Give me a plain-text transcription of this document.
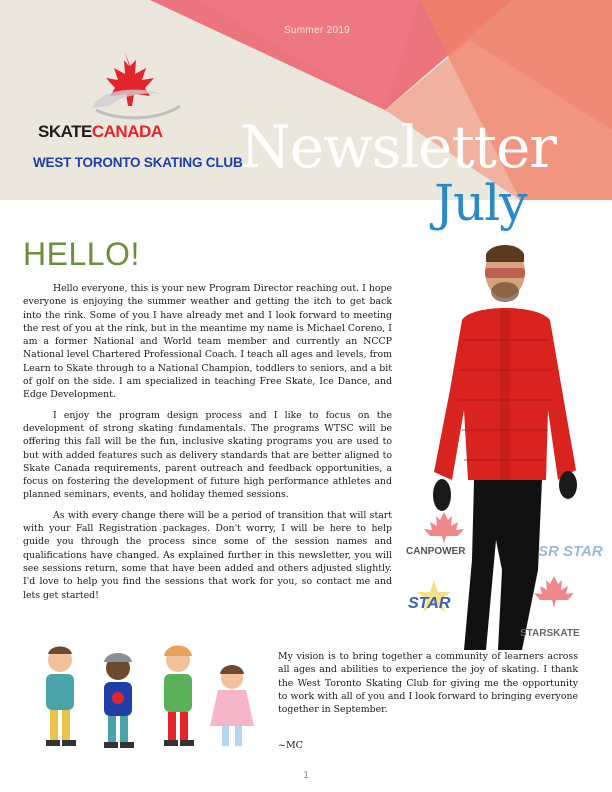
Summer 2019
SKATECANADA
WEST TORONTO SKATING CLUB
Newsletter
July
CANPOWER	SR STAR
STAR
STARSKATE
HELLO!

Hello everyone, this is your new Program Director reaching out. I hope everyone is enjoying the summer weather and getting the itch to get back into the rink. Some of you I have already met and I look forward to meeting the rest of you at the rink, but in the meantime my name is Michael Coreno, I am a former National and World team member and currently an NCCP National level Chartered Professional Coach. I teach all ages and levels, from Learn to Skate through to a National Champion, toddlers to seniors, and a bit of golf on the side. I am specialized in teaching Free Skate, Ice Dance, and Edge Development.

I enjoy the program design process and I like to focus on the development of strong skating fundamentals. The programs WTSC will be offering this fall will be the fun, inclusive skating programs you are used to but with added features such as delivery standards that are better aligned to Skate Canada requirements, parent outreach and feedback opportunities, a focus on fostering the development of future high performance athletes and planned seminars, events, and holiday themed sessions.

As with every change there will be a period of transition that will start with your Fall Registration packages. Don't worry, I will be here to help guide you through the process since some of the session names and qualifications have changed. As explained further in this newsletter, you will see sessions return, some that have been added and others adjusted slightly. I'd love to help you find the sessions that work for you, so contact me and lets get started!

My vision is to bring together a community of learners across all ages and abilities to experience the joy of skating. I thank the West Toronto Skating Club for giving me the opportunity to work with all of you and I look forward to bringing everyone together in September.
~MC
1
